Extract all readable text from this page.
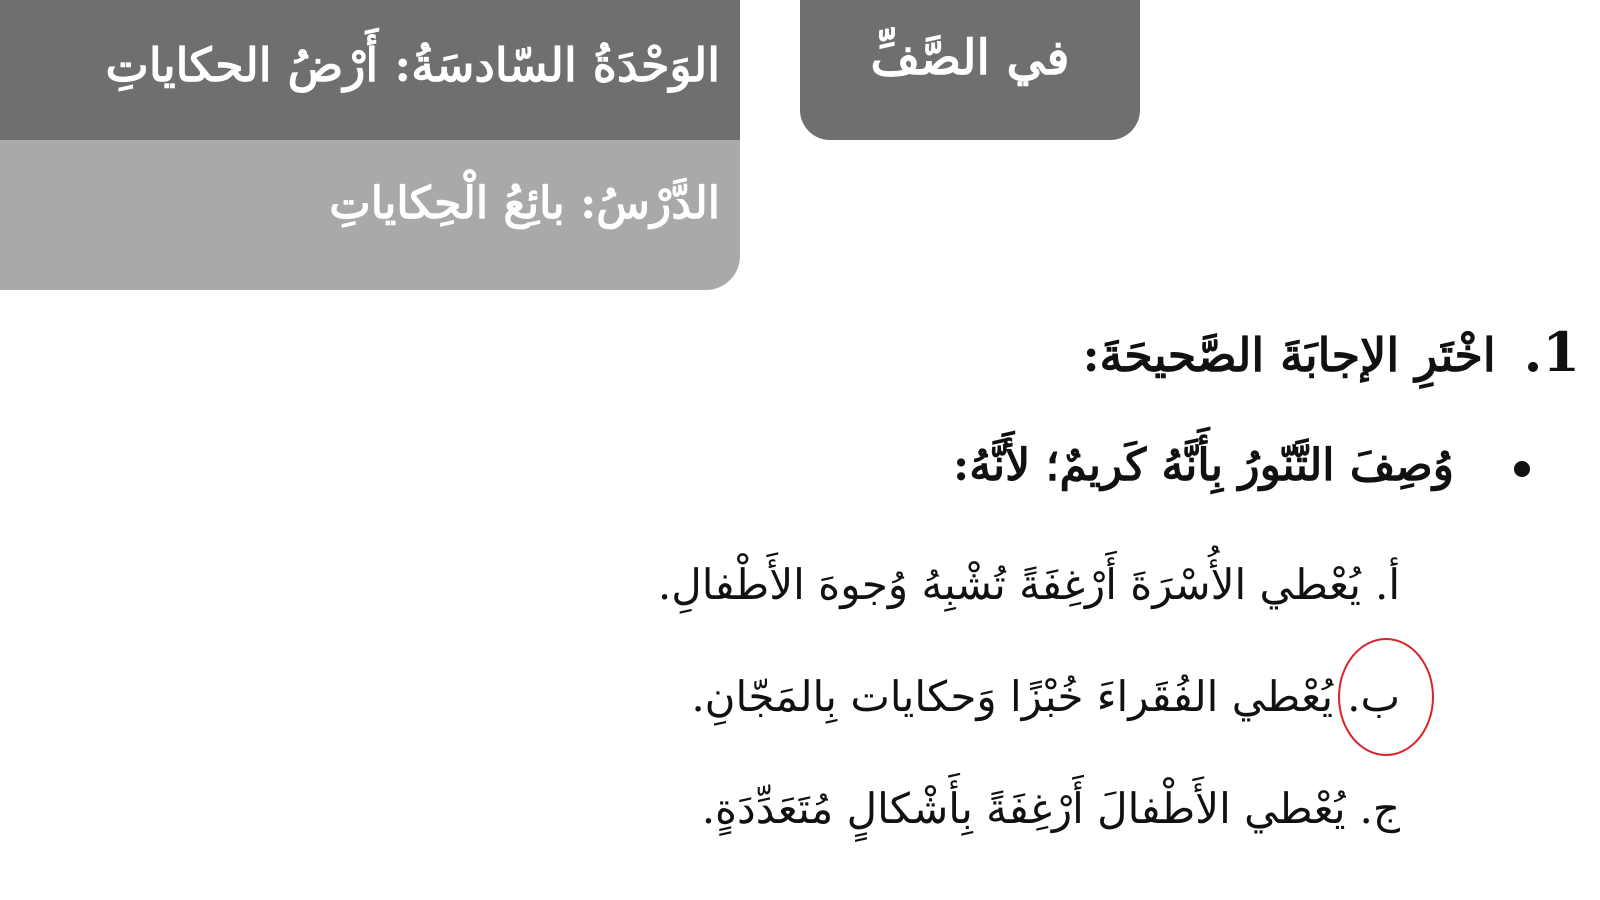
الوَحْدَةُ السّادسَةُ: أَرْضُ الحكاياتِ
الدَّرْسُ: بائِعُ الْحِكاياتِ
في الصَّفِّ
1.اخْتَرِ الإجابَةَ الصَّحيحَةَ:
وُصِفَ التَّنّورُ بِأَنَّهُ كَريمٌ؛ لأَنَّهُ:
أ.يُعْطي الأُسْرَةَ أَرْغِفَةً تُشْبِهُ وُجوهَ الأَطْفالِ.
ب.
يُعْطي الفُقَراءَ خُبْزًا وَحكايات بِالمَجّانِ.
ج.يُعْطي الأَطْفالَ أَرْغِفَةً بِأَشْكالٍ مُتَعَدِّدَةٍ.
